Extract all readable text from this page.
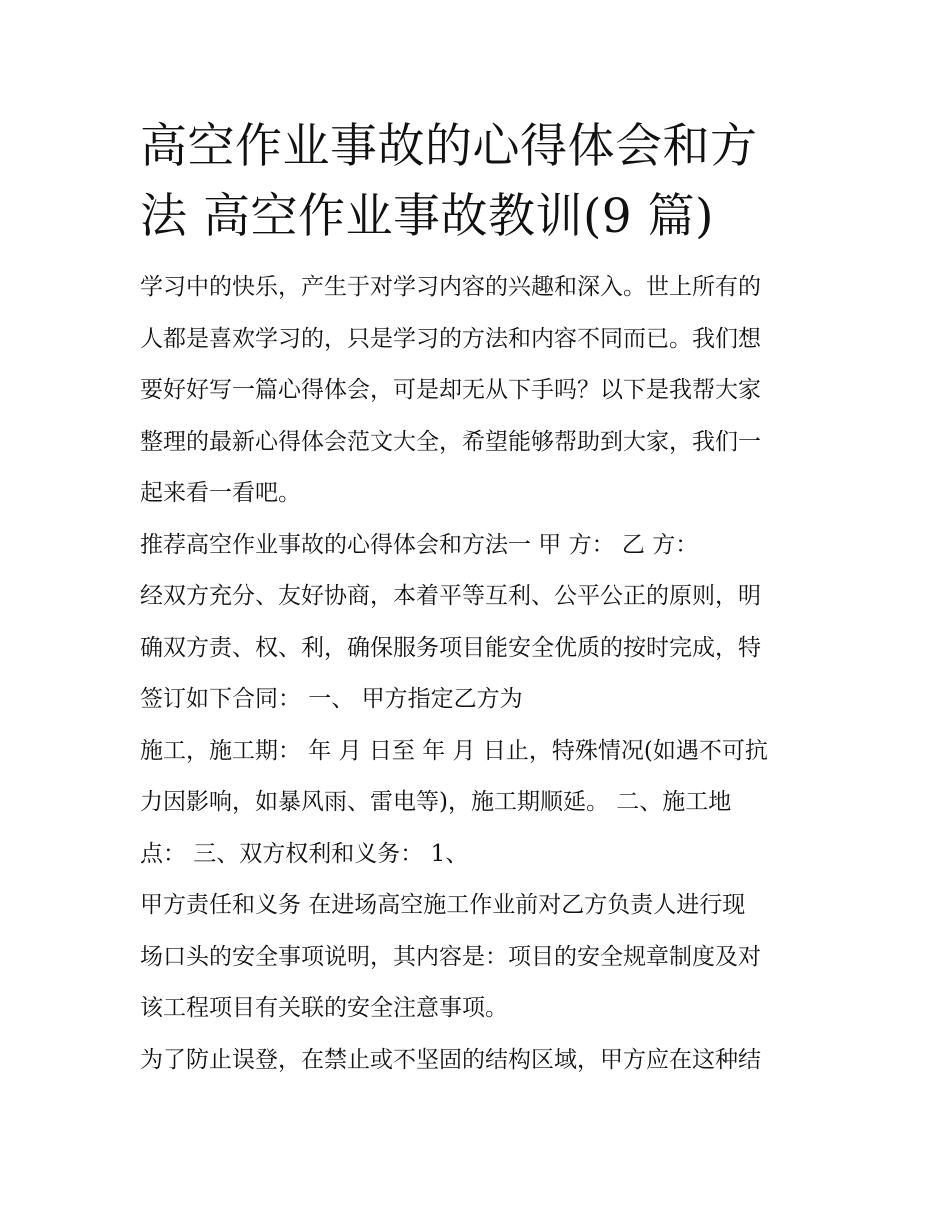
高空作业事故的心得体会和方
法 高空作业事故教训(9 篇)

学习中的快乐，产生于对学习内容的兴趣和深入。世上所有的
人都是喜欢学习的，只是学习的方法和内容不同而已。我们想
要好好写一篇心得体会，可是却无从下手吗？以下是我帮大家
整理的最新心得体会范文大全，希望能够帮助到大家，我们一
起来看一看吧。

推荐高空作业事故的心得体会和方法一 甲 方： 乙 方：

经双方充分、友好协商，本着平等互利、公平公正的原则，明
确双方责、权、利，确保服务项目能安全优质的按时完成，特
签订如下合同： 一、 甲方指定乙方为

施工，施工期： 年 月 日至 年 月 日止，特殊情况(如遇不可抗
力因影响，如暴风雨、雷电等)，施工期顺延。 二、施工地
点： 三、双方权利和义务： 1、

甲方责任和义务 在进场高空施工作业前对乙方负责人进行现
场口头的安全事项说明，其内容是：项目的安全规章制度及对
该工程项目有关联的安全注意事项。

为了防止误登，在禁止或不坚固的结构区域，甲方应在这种结
